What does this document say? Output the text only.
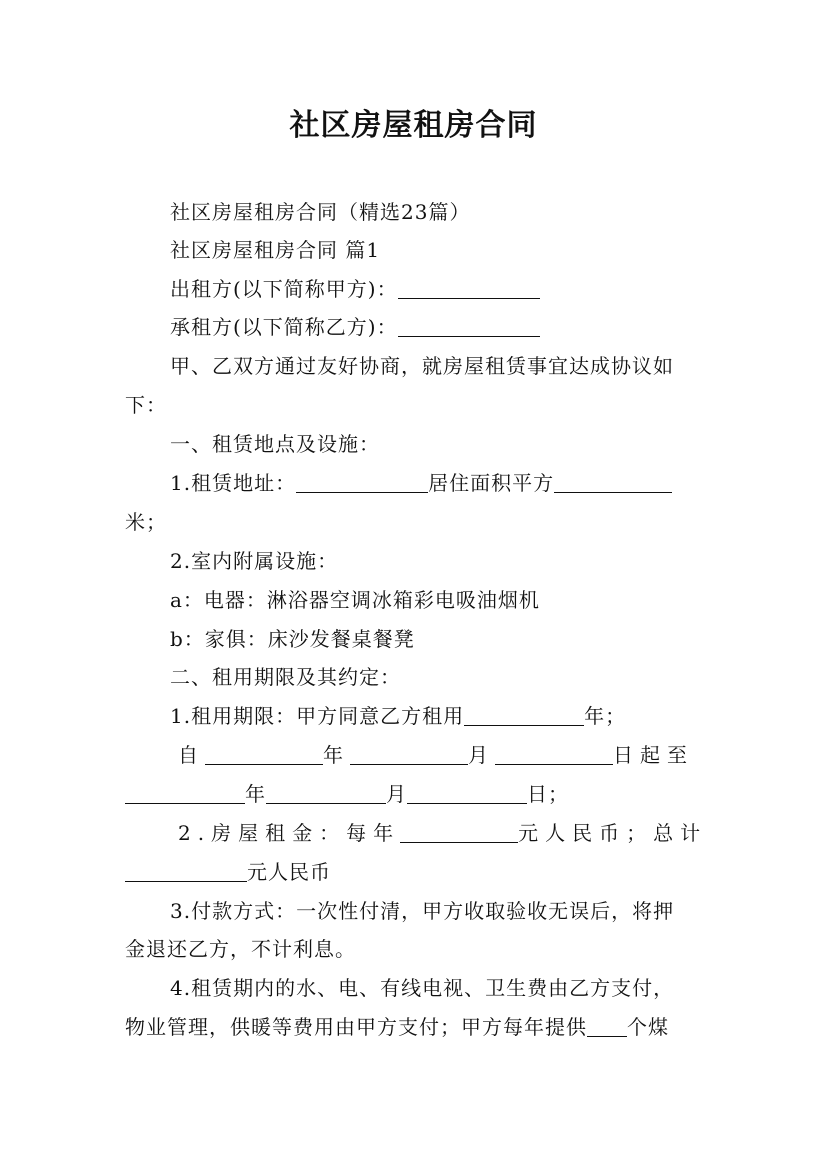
社区房屋租房合同
社区房屋租房合同（精选23篇）
社区房屋租房合同 篇1
出租方(以下简称甲方)：
承租方(以下简称乙方)：
甲、乙双方通过友好协商，就房屋租赁事宜达成协议如
下：
一、租赁地点及设施：
1.租赁地址：	居住面积平方
米；
2.室内附属设施：
a：电器：淋浴器空调冰箱彩电吸油烟机
b：家俱：床沙发餐桌餐凳
二、租用期限及其约定：
1.租用期限：甲方同意乙方租用	年；
自	年	月	日起至
年	月	日；
2.房屋租金：每年	元人民币；总计
元人民币
3.付款方式：一次性付清，甲方收取验收无误后，将押
金退还乙方，不计利息。
4.租赁期内的水、电、有线电视、卫生费由乙方支付，
物业管理，供暖等费用由甲方支付；甲方每年提供 个煤
